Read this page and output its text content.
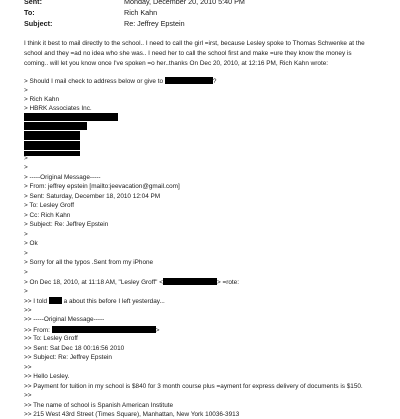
Sent:	Monday, December 20, 2010 5:40 PM
To:	Rich Kahn
Subject:	Re: Jeffrey Epstein
I think it best to mail directly to the school.. I need to call the girl =irst, because Lesley spoke to Thomas Schwenke at the
school and they =ad no idea who she was.. I need her to call the school first and make =ure they know the money is
coming.. will let you know once I've spoken =o her..thanks On Dec 20, 2010, at 12:16 PM, Rich Kahn wrote:
> Should I mail check to address below or give to	?
>
> Rich Kahn
> HBRK Associates Inc.
>
>
> -----Original Message-----
> From: jeffrey epstein [mailto:jeevacation@gmail.com]
> Sent: Saturday, December 18, 2010 12:04 PM
> To: Lesley Groff
> Cc: Rich Kahn
> Subject: Re: Jeffrey Epstein
>
> Ok
>
> Sorry for all the typos .Sent from my iPhone
>
> On Dec 18, 2010, at 11:18 AM, "Lesley Groff" <	> =rote:
>
>> I told	a about this before I left yesterday...
>>
>> -----Original Message-----
>> From:	>
>> To: Lesley Groff
>> Sent: Sat Dec 18 00:16:56 2010
>> Subject: Re: Jeffrey Epstein
>>
>> Hello Lesley.
>> Payment for tuition in my school is $840 for 3 month course plus =ayment for express delivery of documents is $150.
>>
>> The name of school is Spanish American Institute
>> 215 West 43rd Street (Times Square), Manhattan, New York 10036-3913
